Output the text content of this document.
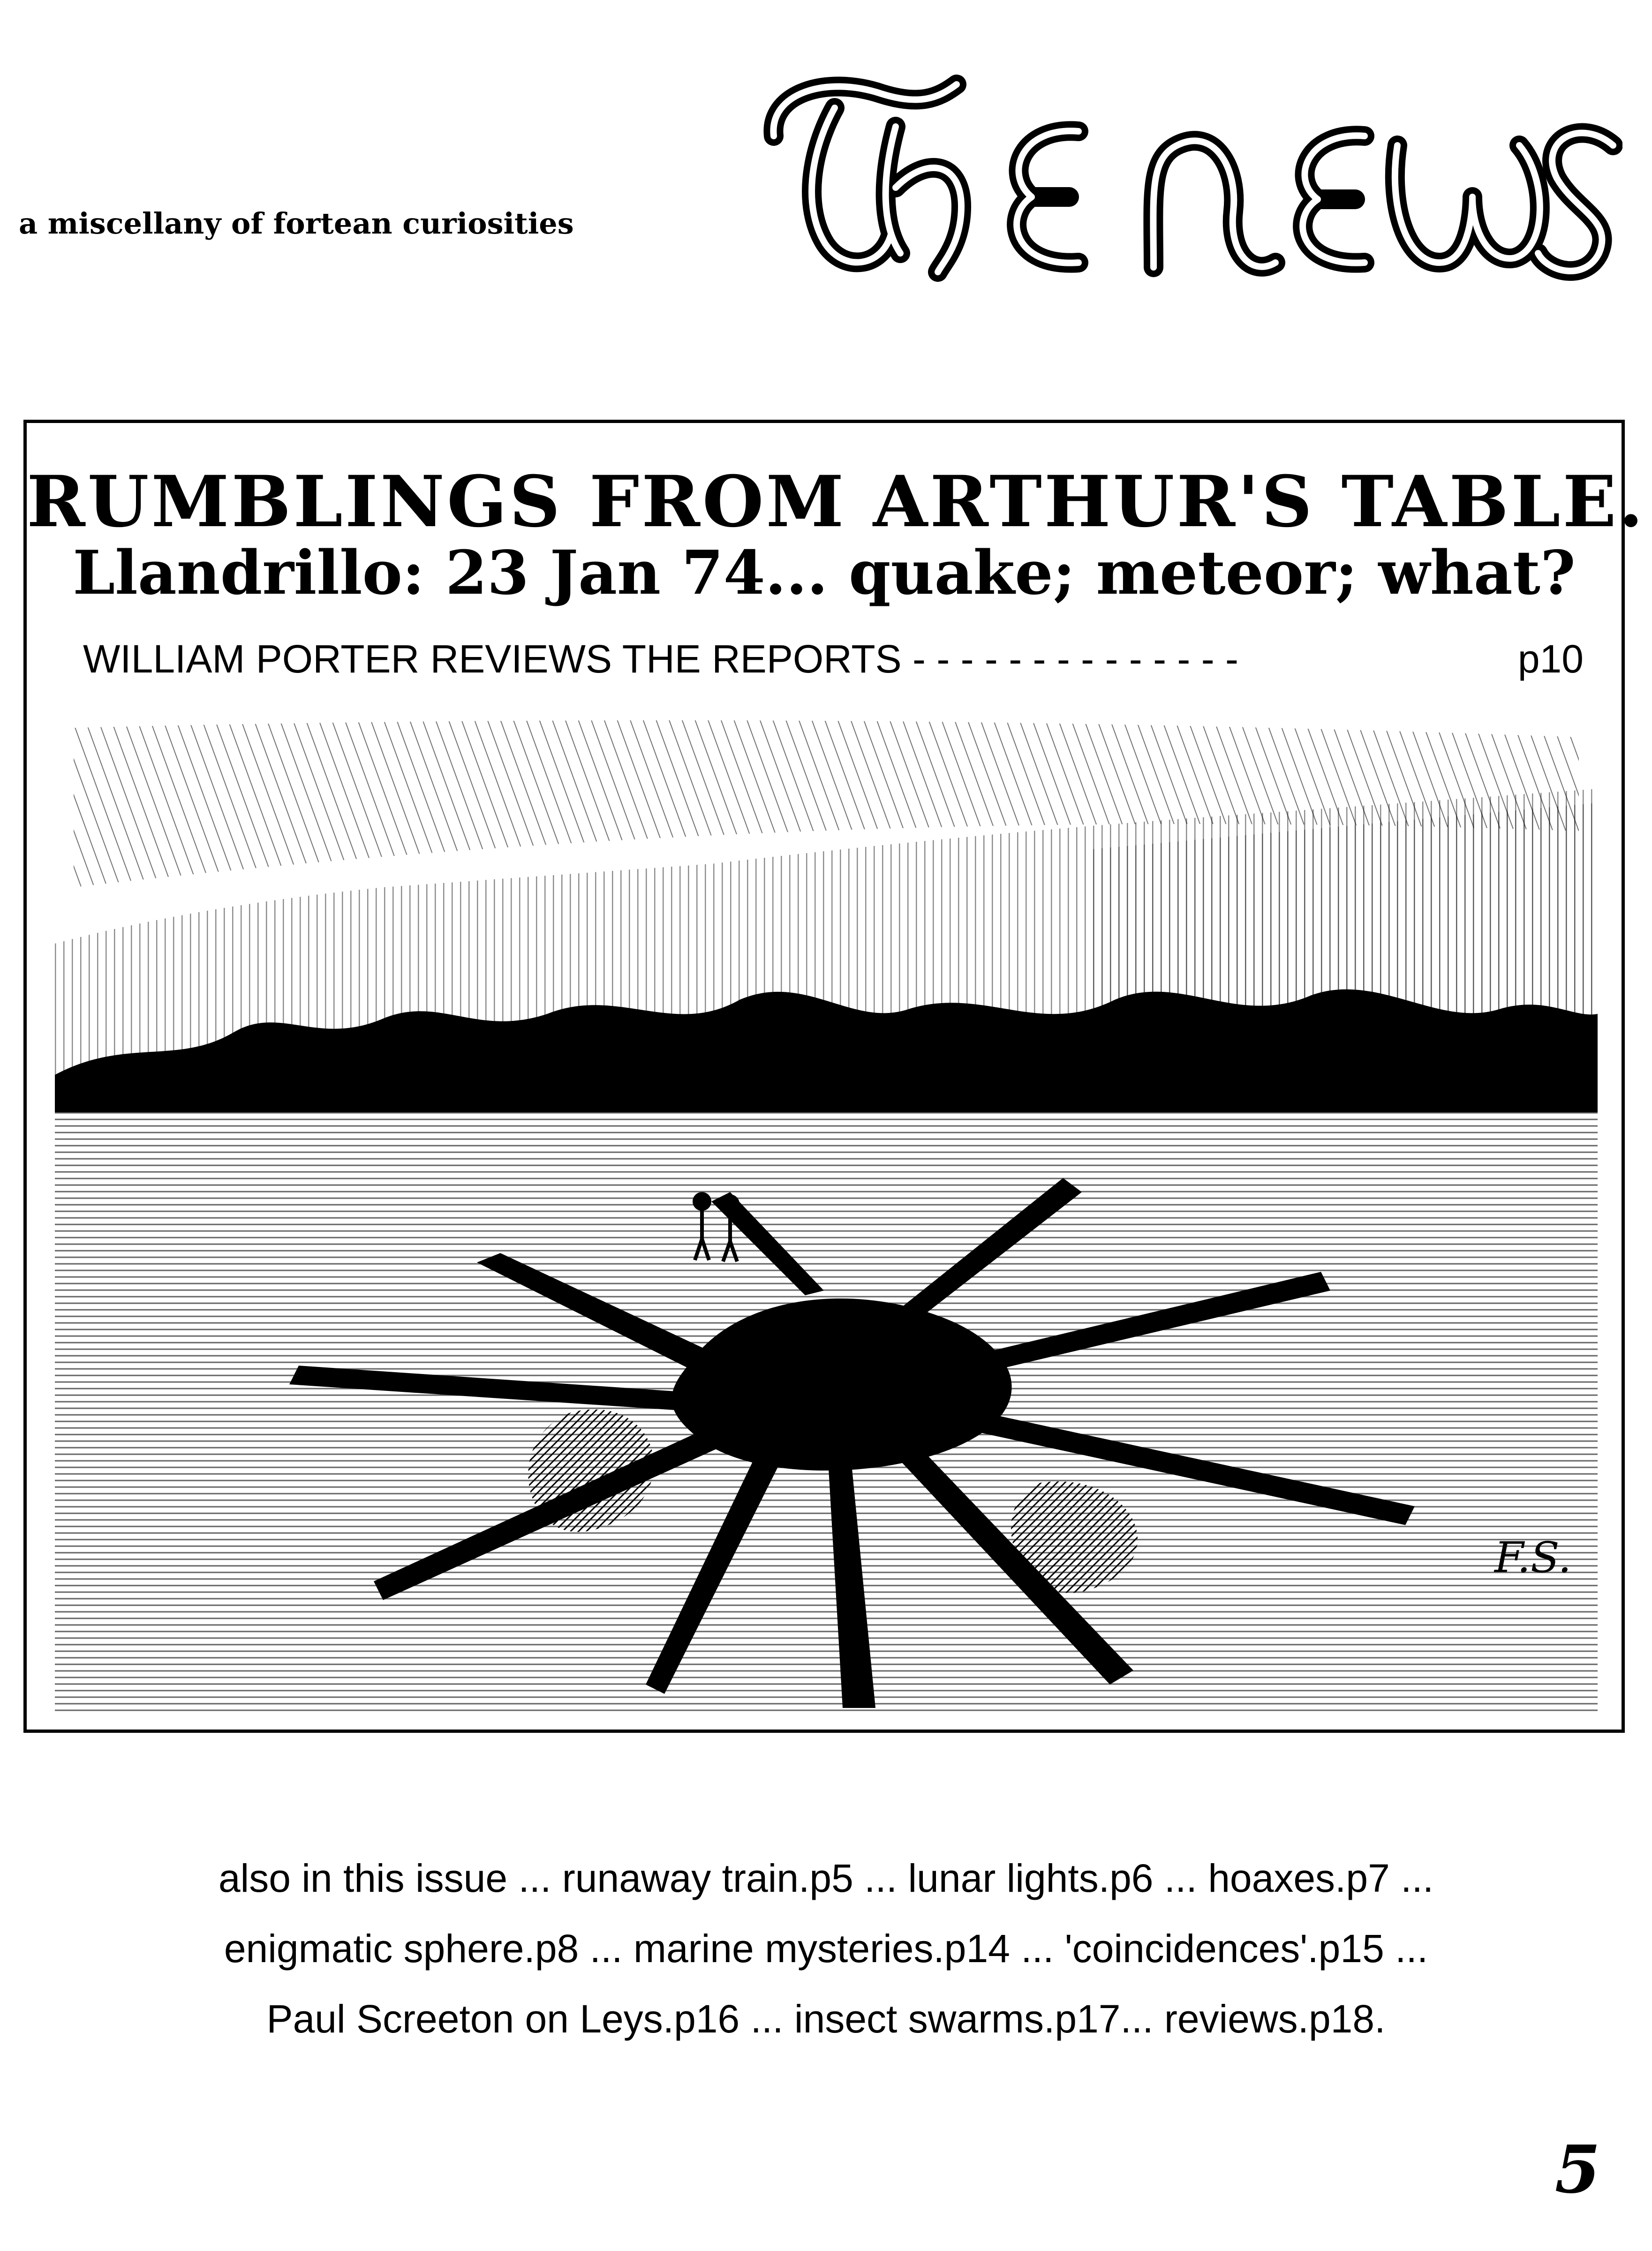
a miscellany of fortean curiosities
RUMBLINGS FROM ARTHUR'S TABLE.
Llandrillo: 23 Jan 74... quake; meteor; what?
WILLIAM PORTER REVIEWS THE REPORTS - - - - - - - - - - - - - -	p10
F.S.
also in this issue ... runaway train.p5 ... lunar lights.p6 ... hoaxes.p7 ...
enigmatic sphere.p8 ... marine mysteries.p14 ... 'coincidences'.p15 ...
Paul Screeton on Leys.p16 ... insect swarms.p17... reviews.p18.
5
